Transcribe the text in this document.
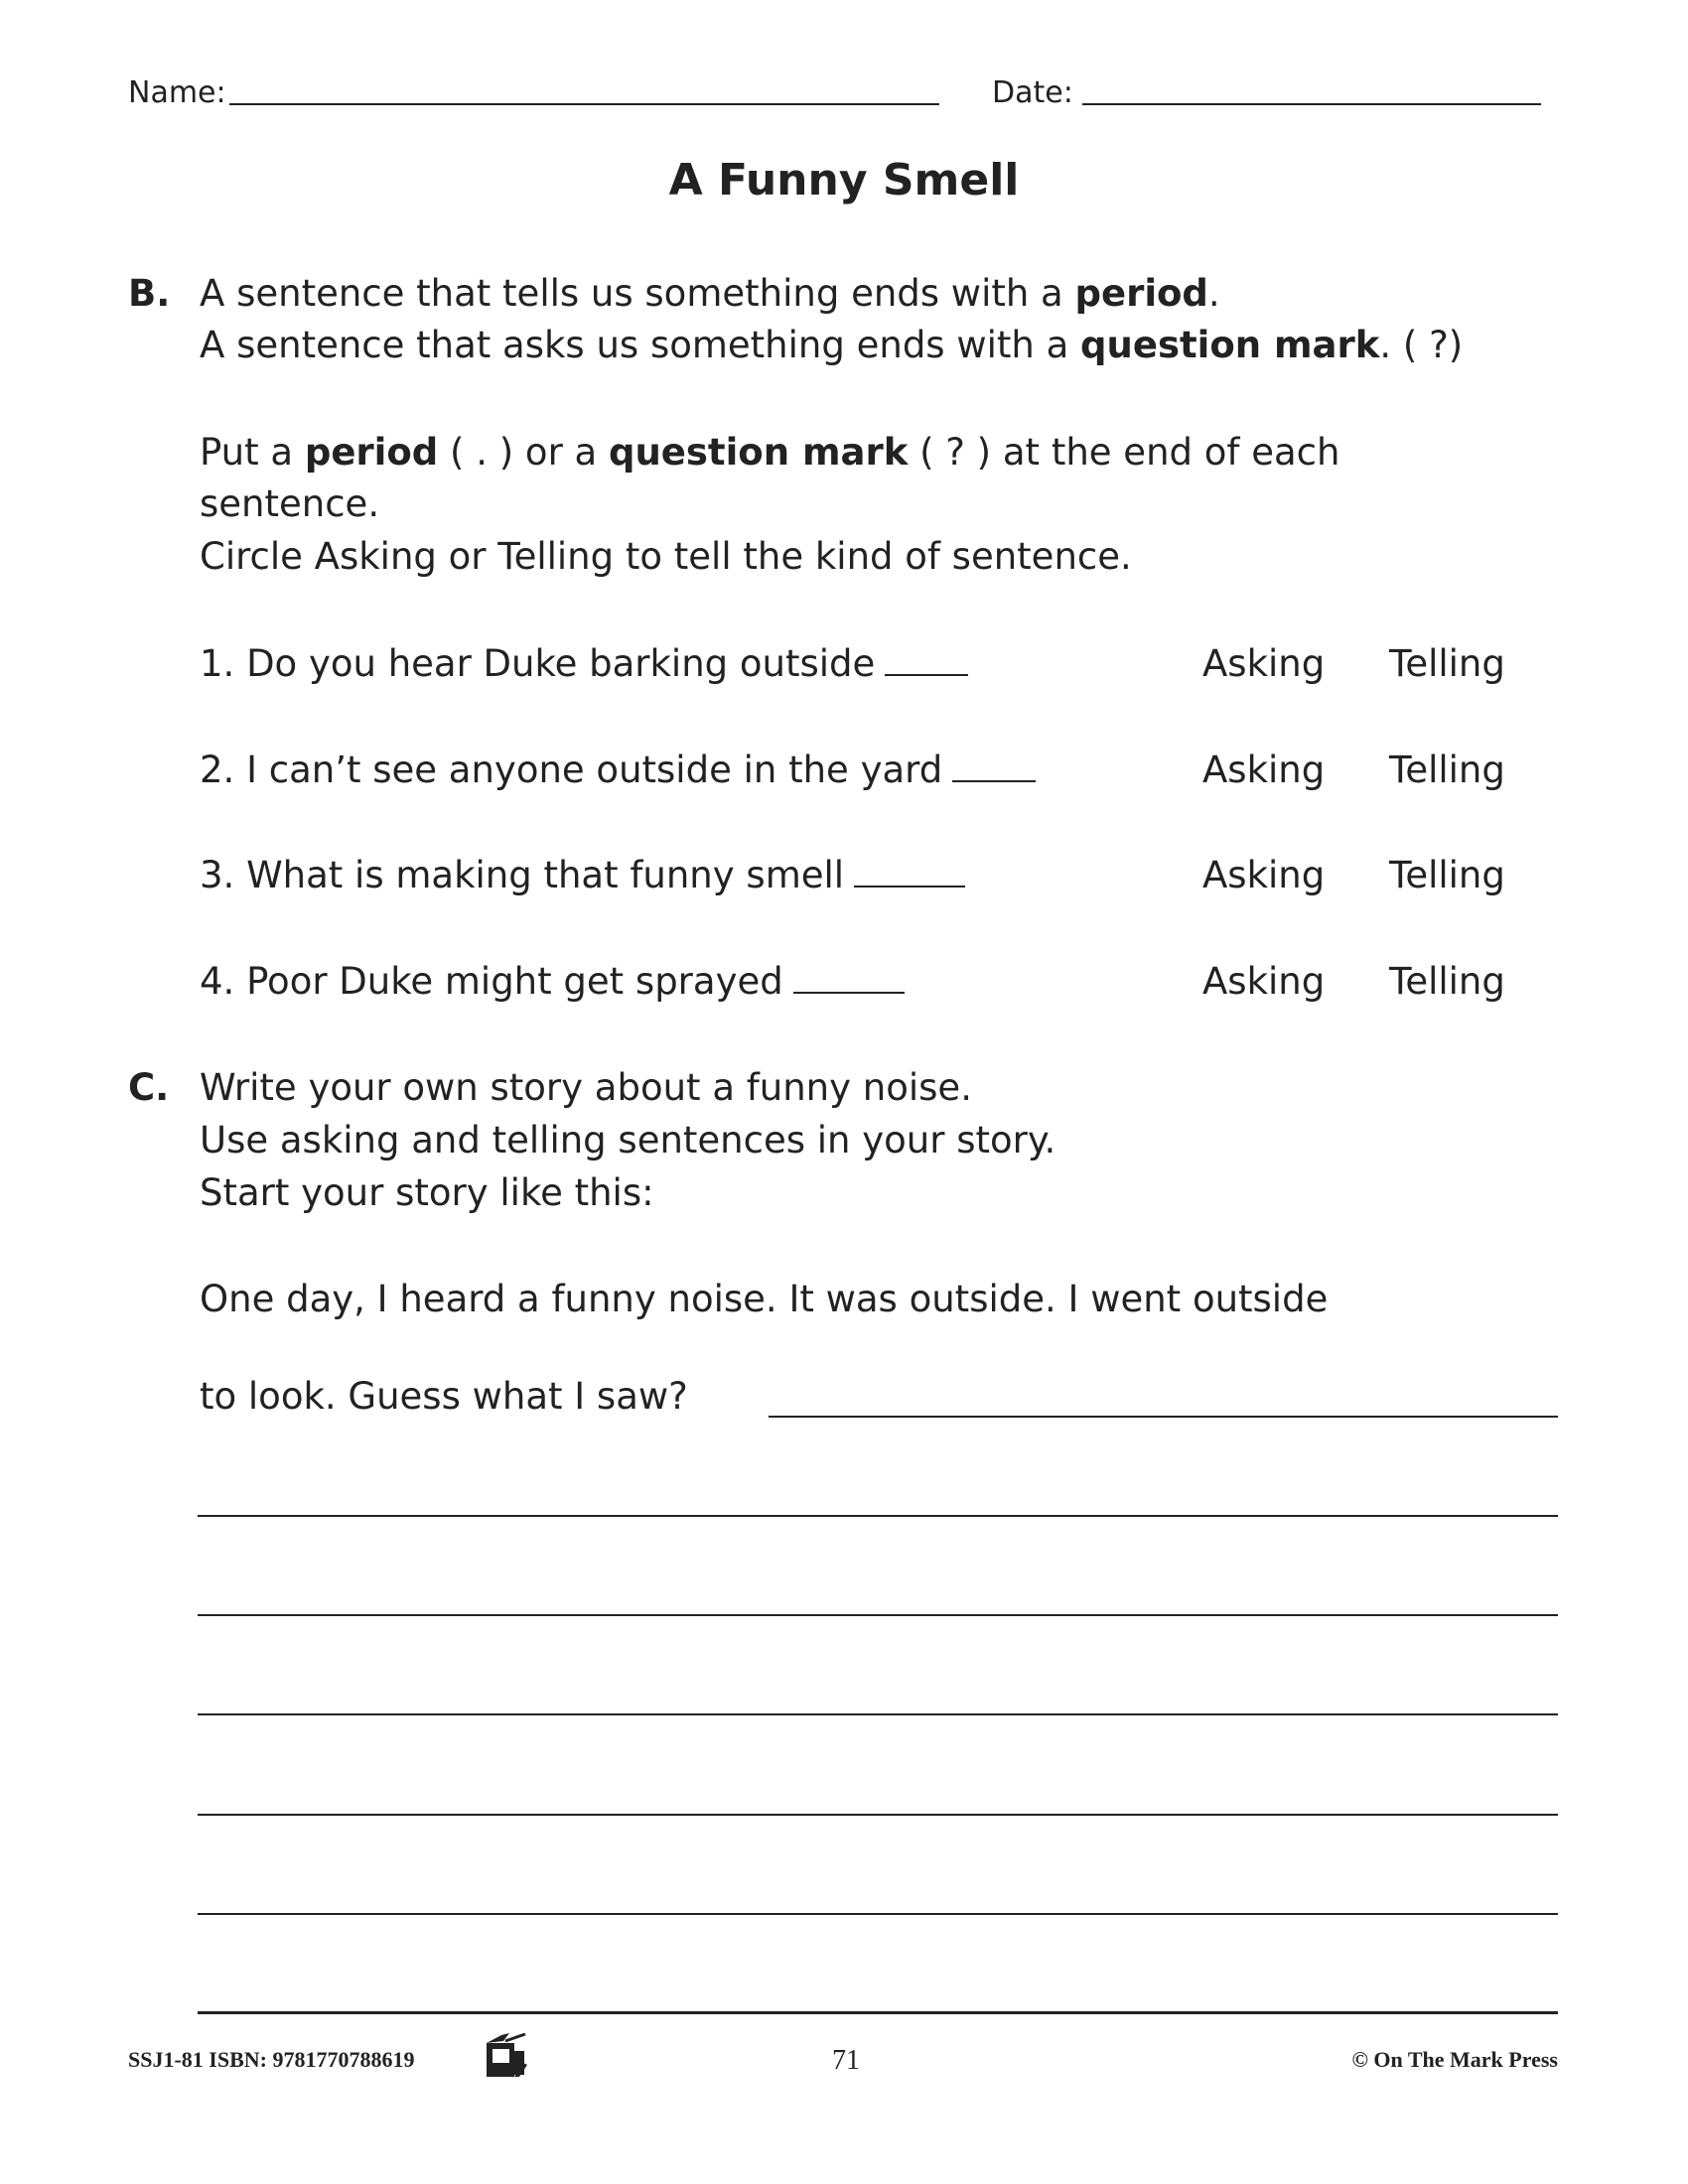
Name:	Date:
A Funny Smell
B. A sentence that tells us something ends with a period.
A sentence that asks us something ends with a question mark. ( ?)
Put a period ( . ) or a question mark ( ? ) at the end of each
sentence.
Circle Asking or Telling to tell the kind of sentence.
1. Do you hear Duke barking outside	Asking Telling
2. I can’t see anyone outside in the yard	Asking Telling
3. What is making that funny smell	Asking Telling
4. Poor Duke might get sprayed	Asking Telling
C. Write your own story about a funny noise.
Use asking and telling sentences in your story.
Start your story like this:
One day, I heard a funny noise. It was outside. I went outside
to look. Guess what I saw?
SSJ1-81 ISBN: 9781770788619	71	© On The Mark Press
